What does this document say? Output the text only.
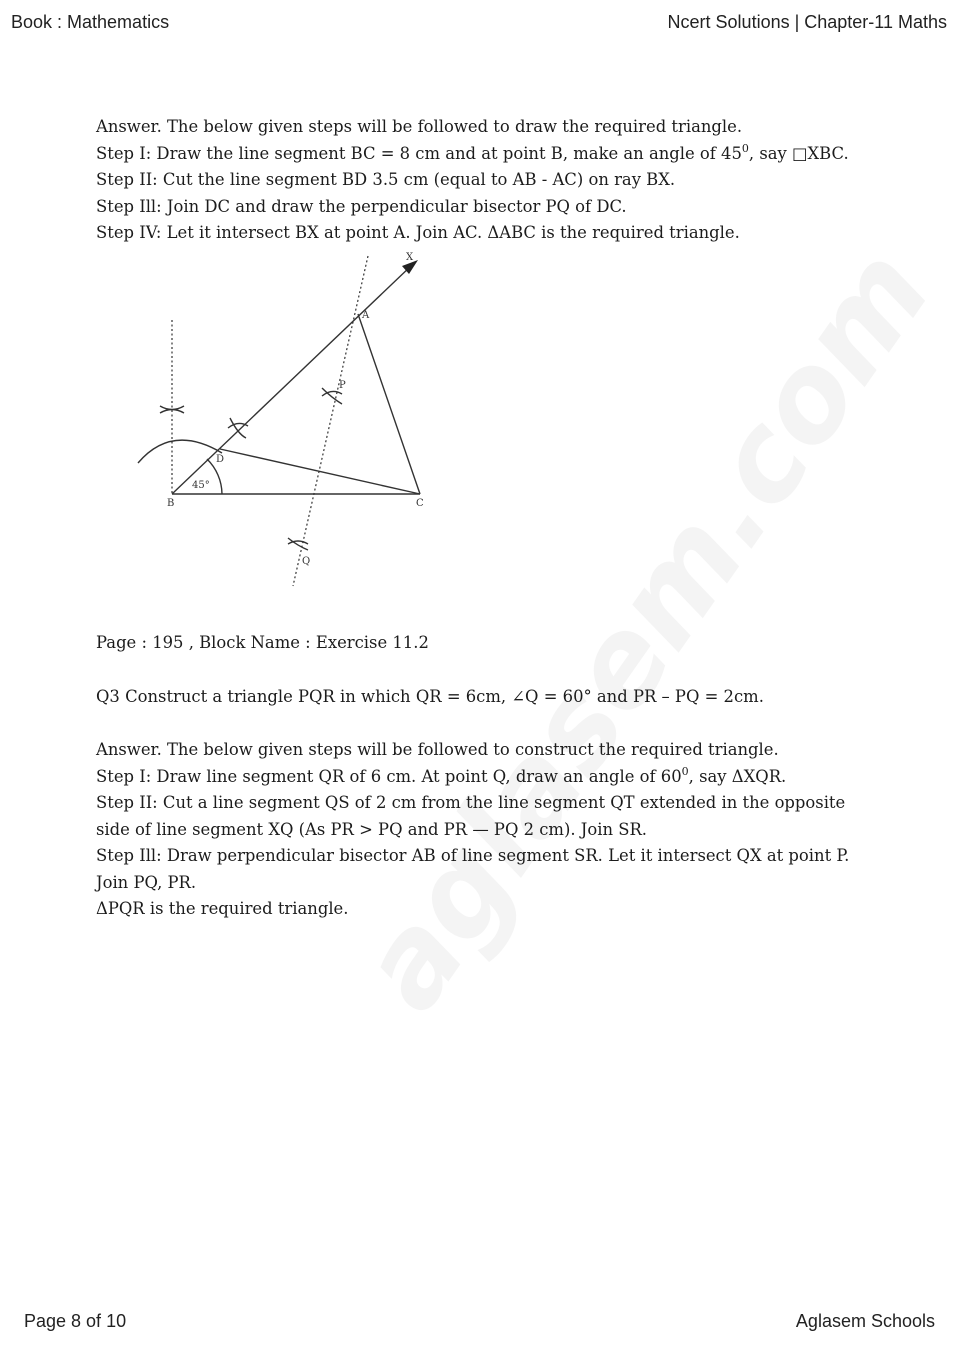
Book : Mathematics	Ncert Solutions | Chapter-11 Maths
Answer. The below given steps will be followed to draw the required triangle.
Step I: Draw the line segment BC = 8 cm and at point B, make an angle of $45^0$, say □XBC.
Step II: Cut the line segment BD 3.5 cm (equal to AB - AC) on ray BX.
Step Ill: Join DC and draw the perpendicular bisector PQ of DC.
Step IV: Let it intersect BX at point A. Join AC. ΔABC is the required triangle.
X
A
P
D
45°
B	C
Q
Page : 195 , Block Name : Exercise 11.2
Q3 Construct a triangle PQR in which QR = 6cm, ∠Q = 60° and PR – PQ = 2cm.
Answer. The below given steps will be followed to construct the required triangle.
Step I: Draw line segment QR of 6 cm. At point Q, draw an angle of $60^0$, say ΔXQR.
Step II: Cut a line segment QS of 2 cm from the line segment QT extended in the opposite
side of line segment XQ (As PR > PQ and PR — PQ 2 cm). Join SR.
Step Ill: Draw perpendicular bisector AB of line segment SR. Let it intersect QX at point P.
Join PQ, PR.
ΔPQR is the required triangle.
Page 8 of 10	Aglasem Schools
